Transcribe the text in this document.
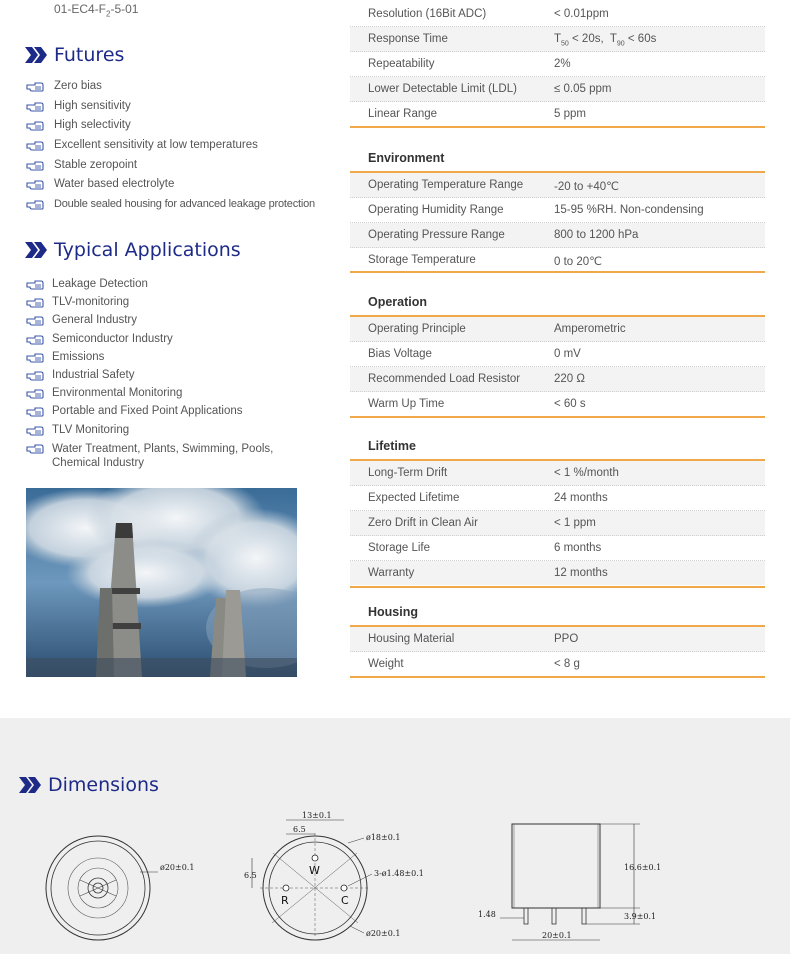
$01-EC4-F_2-5-01$
Futures
Zero bias
High sensitivity
High selectivity
Excellent sensitivity at low temperatures
Stable zeropoint
Water based electrolyte
Double sealed housing for advanced leakage protection
Typical Applications
Leakage Detection
TLV-monitoring
General Industry
Semiconductor Industry
Emissions
Industrial Safety
Environmental Monitoring
Portable and Fixed Point Applications
TLV Monitoring
Water Treatment, Plants, Swimming, Pools, Chemical Industry
Resolution (16Bit ADC)	< 0.01ppm
Response Time	$T_{50} < 20s$,  $T_{90} < 60s$
Repeatability	2%
Lower Detectable Limit (LDL)	≤ 0.05 ppm
Linear Range	5 ppm
Environment
Operating Temperature Range	-20 to +40℃
Operating Humidity Range	15-95 %RH. Non-condensing
Operating Pressure Range	800 to 1200 hPa
Storage Temperature	0 to 20℃
Operation
Operating Principle	Amperometric
Bias Voltage	0 mV
Recommended Load Resistor	220 Ω
Warm Up Time	< 60 s
Lifetime
Long-Term Drift	< 1 %/month
Expected Lifetime	24 months
Zero Drift in Clean Air	< 1 ppm
Storage Life	6 months
Warranty	12 months
Housing
Housing Material	PPO
Weight	< 8 g
Dimensions
ø20±0.1
13±0.1
6.5
6.5
ø18±0.1
3-ø1.48±0.1
ø20±0.1
W
R	C
16.6±0.1
3.9±0.1
1.48
20±0.1
